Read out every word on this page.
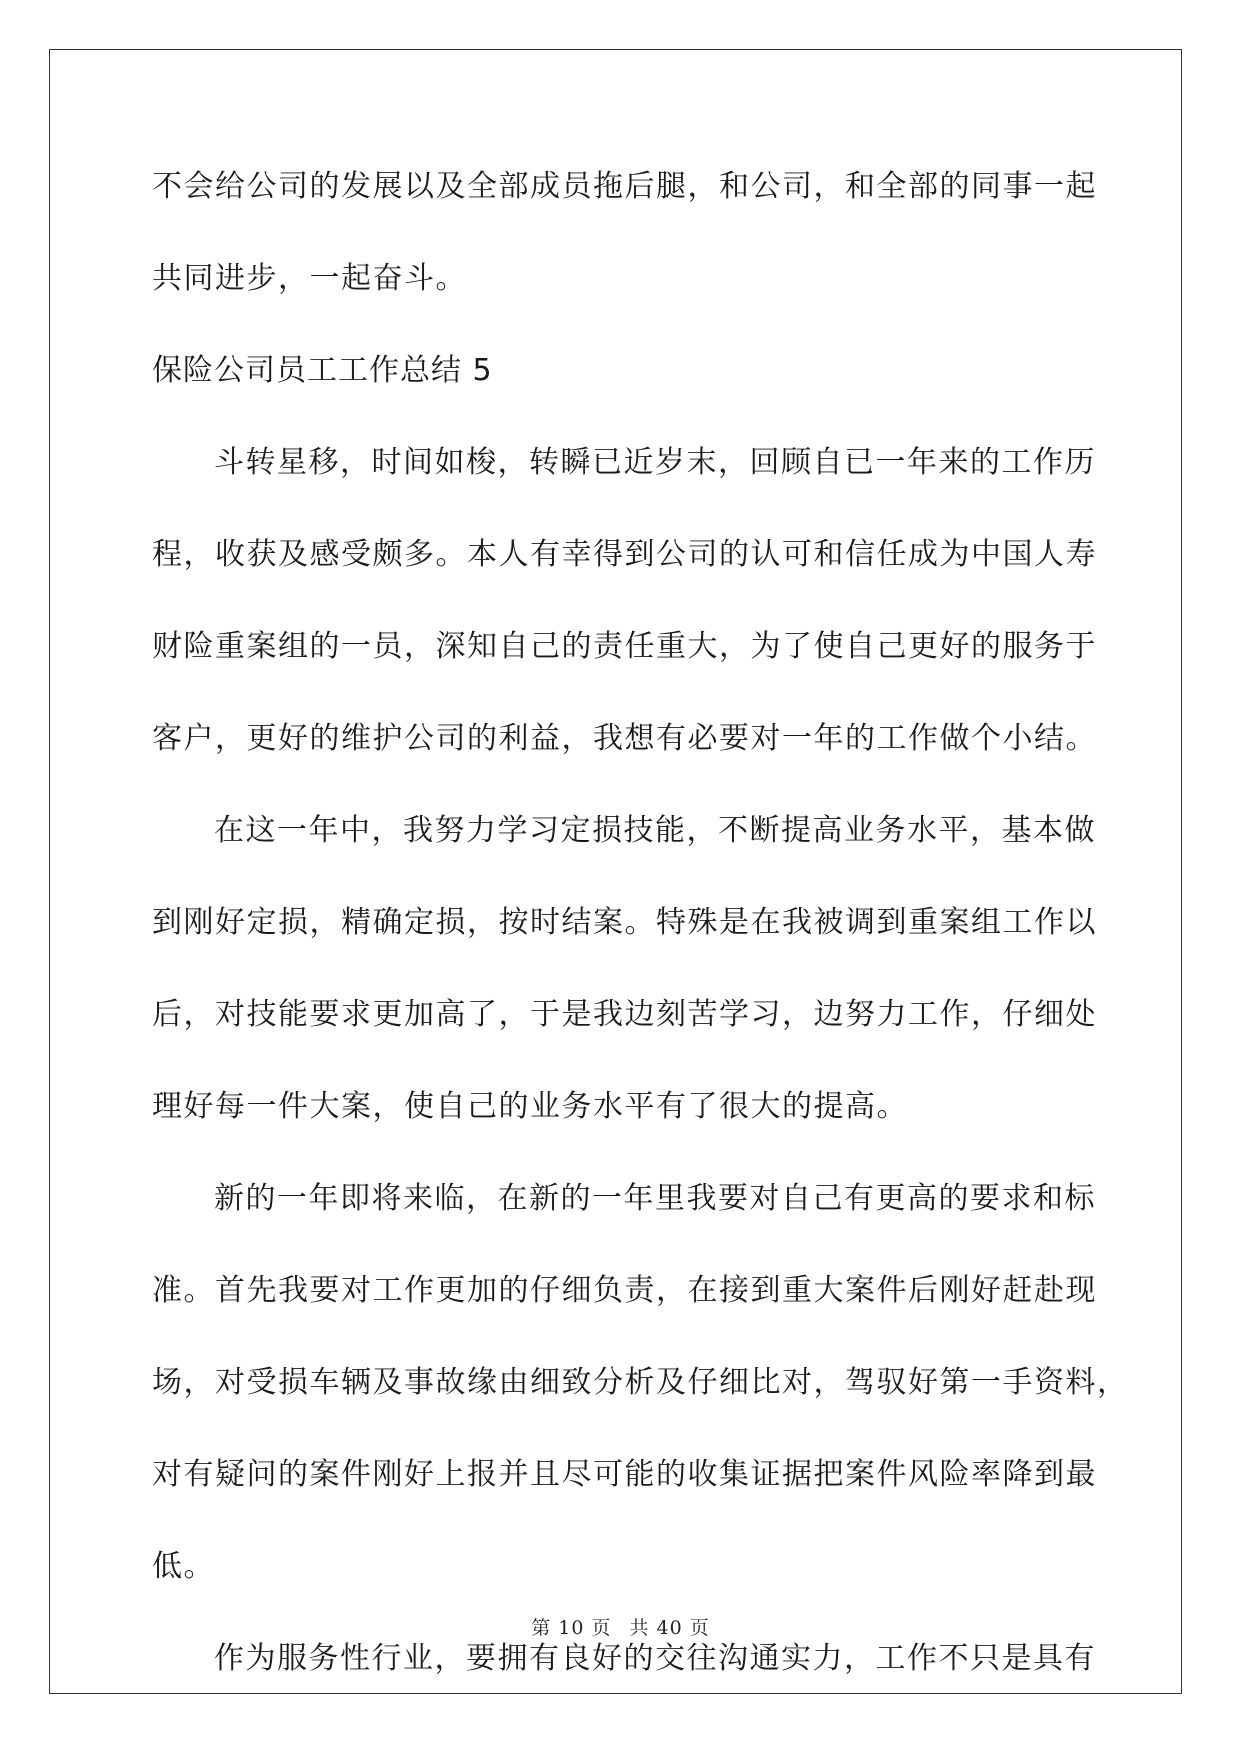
不会给公司的发展以及全部成员拖后腿，和公司，和全部的同事一起

共同进步，一起奋斗。

保险公司员工工作总结 5

斗转星移，时间如梭，转瞬已近岁末，回顾自已一年来的工作历

程，收获及感受颇多。本人有幸得到公司的认可和信任成为中国人寿

财险重案组的一员，深知自己的责任重大，为了使自己更好的服务于

客户，更好的维护公司的利益，我想有必要对一年的工作做个小结。

在这一年中，我努力学习定损技能，不断提高业务水平，基本做

到刚好定损，精确定损，按时结案。特殊是在我被调到重案组工作以

后，对技能要求更加高了，于是我边刻苦学习，边努力工作，仔细处

理好每一件大案，使自己的业务水平有了很大的提高。

新的一年即将来临，在新的一年里我要对自己有更高的要求和标

准。首先我要对工作更加的仔细负责，在接到重大案件后刚好赶赴现

场，对受损车辆及事故缘由细致分析及仔细比对，驾驭好第一手资料，

对有疑问的案件刚好上报并且尽可能的收集证据把案件风险率降到最

低。

作为服务性行业，要拥有良好的交往沟通实力，工作不只是具有

第 10 页 共 40 页
